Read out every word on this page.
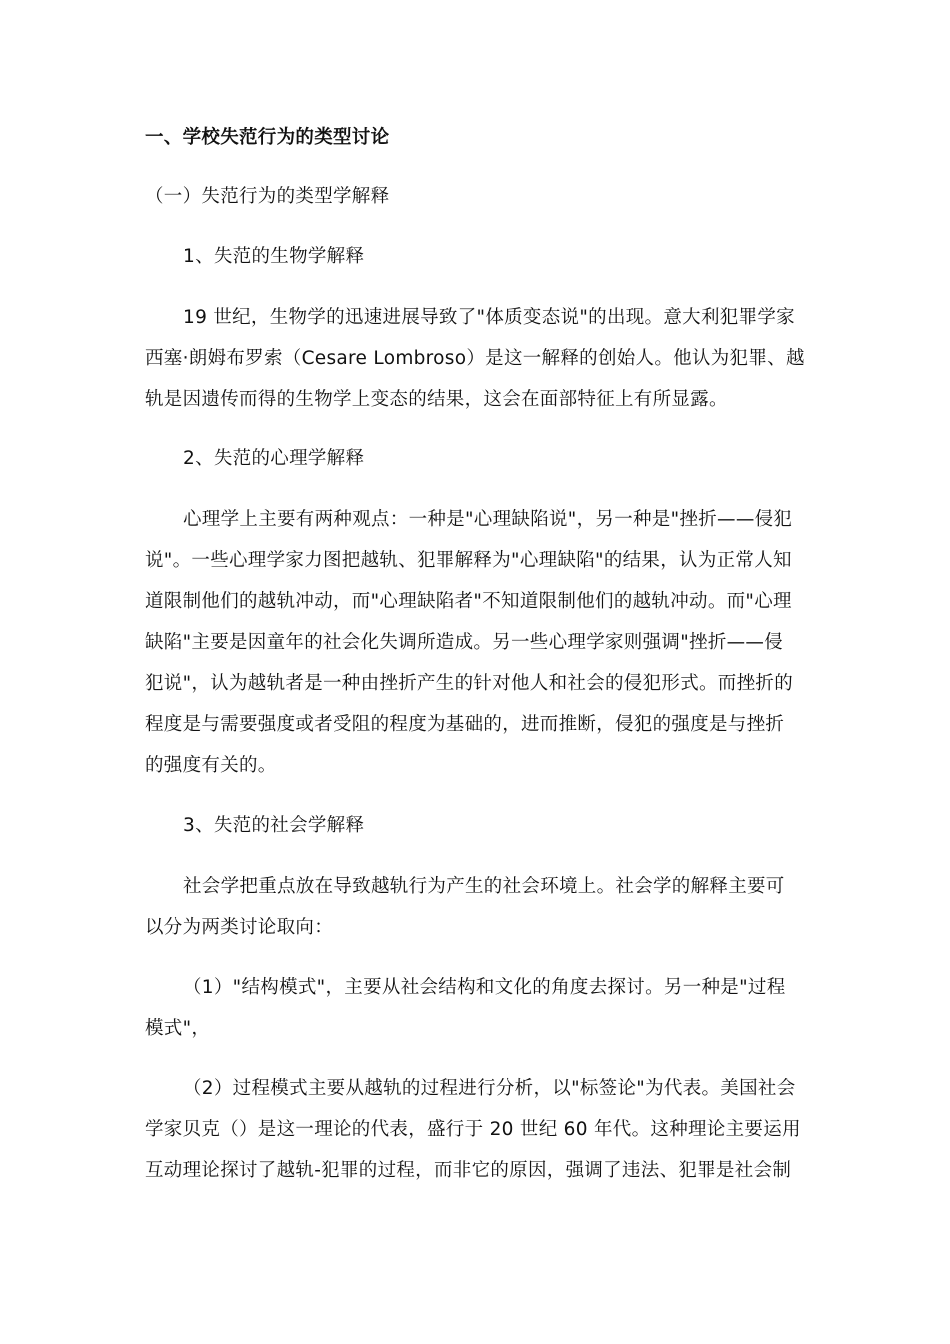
一、学校失范行为的类型讨论
（一）失范行为的类型学解释
1、失范的生物学解释
19 世纪，生物学的迅速进展导致了"体质变态说"的出现。意大利犯罪学家
西塞·朗姆布罗索（Cesare Lombroso）是这一解释的创始人。他认为犯罪、越
轨是因遗传而得的生物学上变态的结果，这会在面部特征上有所显露。
2、失范的心理学解释
心理学上主要有两种观点：一种是"心理缺陷说"，另一种是"挫折——侵犯
说"。一些心理学家力图把越轨、犯罪解释为"心理缺陷"的结果，认为正常人知
道限制他们的越轨冲动，而"心理缺陷者"不知道限制他们的越轨冲动。而"心理
缺陷"主要是因童年的社会化失调所造成。另一些心理学家则强调"挫折——侵
犯说"，认为越轨者是一种由挫折产生的针对他人和社会的侵犯形式。而挫折的
程度是与需要强度或者受阻的程度为基础的，进而推断，侵犯的强度是与挫折
的强度有关的。
3、失范的社会学解释
社会学把重点放在导致越轨行为产生的社会环境上。社会学的解释主要可
以分为两类讨论取向：
（1）"结构模式"，主要从社会结构和文化的角度去探讨。另一种是"过程
模式"，
（2）过程模式主要从越轨的过程进行分析，以"标签论"为代表。美国社会
学家贝克（）是这一理论的代表，盛行于 20 世纪 60 年代。这种理论主要运用
互动理论探讨了越轨-犯罪的过程，而非它的原因，强调了违法、犯罪是社会制
